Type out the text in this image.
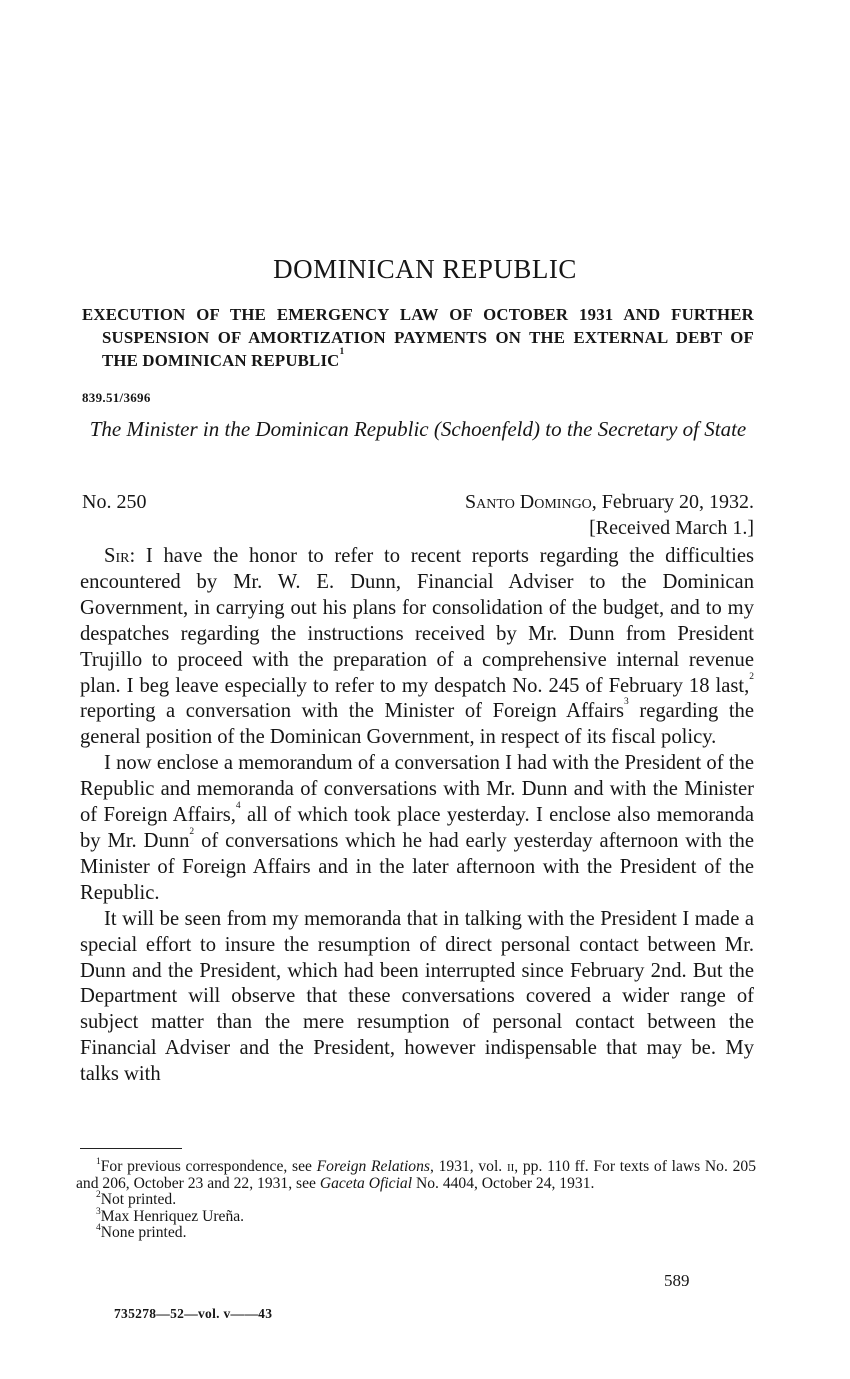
DOMINICAN REPUBLIC
EXECUTION OF THE EMERGENCY LAW OF OCTOBER 1931 AND FURTHER SUSPENSION OF AMORTIZATION PAYMENTS ON THE EXTERNAL DEBT OF THE DOMINICAN REPUBLIC$^1$
839.51/3696
The Minister in the Dominican Republic (Schoenfeld) to the Secretary of State
No. 250	Santo Domingo, February 20, 1932.
[Received March 1.]

Sir: I have the honor to refer to recent reports regarding the difficulties encountered by Mr. W. E. Dunn, Financial Adviser to the Dominican Government, in carrying out his plans for consolidation of the budget, and to my despatches regarding the instructions received by Mr. Dunn from President Trujillo to proceed with the preparation of a comprehensive internal revenue plan. I beg leave especially to refer to my despatch No. 245 of February 18 last,$^2$ reporting a conversation with the Minister of Foreign Affairs$^3$ regarding the general position of the Dominican Government, in respect of its fiscal policy.

I now enclose a memorandum of a conversation I had with the President of the Republic and memoranda of conversations with Mr. Dunn and with the Minister of Foreign Affairs,$^4$ all of which took place yesterday. I enclose also memoranda by Mr. Dunn$^2$ of conversations which he had early yesterday afternoon with the Minister of Foreign Affairs and in the later afternoon with the President of the Republic.

It will be seen from my memoranda that in talking with the President I made a special effort to insure the resumption of direct personal contact between Mr. Dunn and the President, which had been interrupted since February 2nd. But the Department will observe that these conversations covered a wider range of subject matter than the mere resumption of personal contact between the Financial Adviser and the President, however indispensable that may be. My talks with

$^1$For previous correspondence, see Foreign Relations, 1931, vol. ii, pp. 110 ff. For texts of laws No. 205 and 206, October 23 and 22, 1931, see Gaceta Oficial No. 4404, October 24, 1931.

$^2$Not printed.

$^3$Max Henriquez Ureña.

$^4$None printed.

589
735278—52—vol. v——43
